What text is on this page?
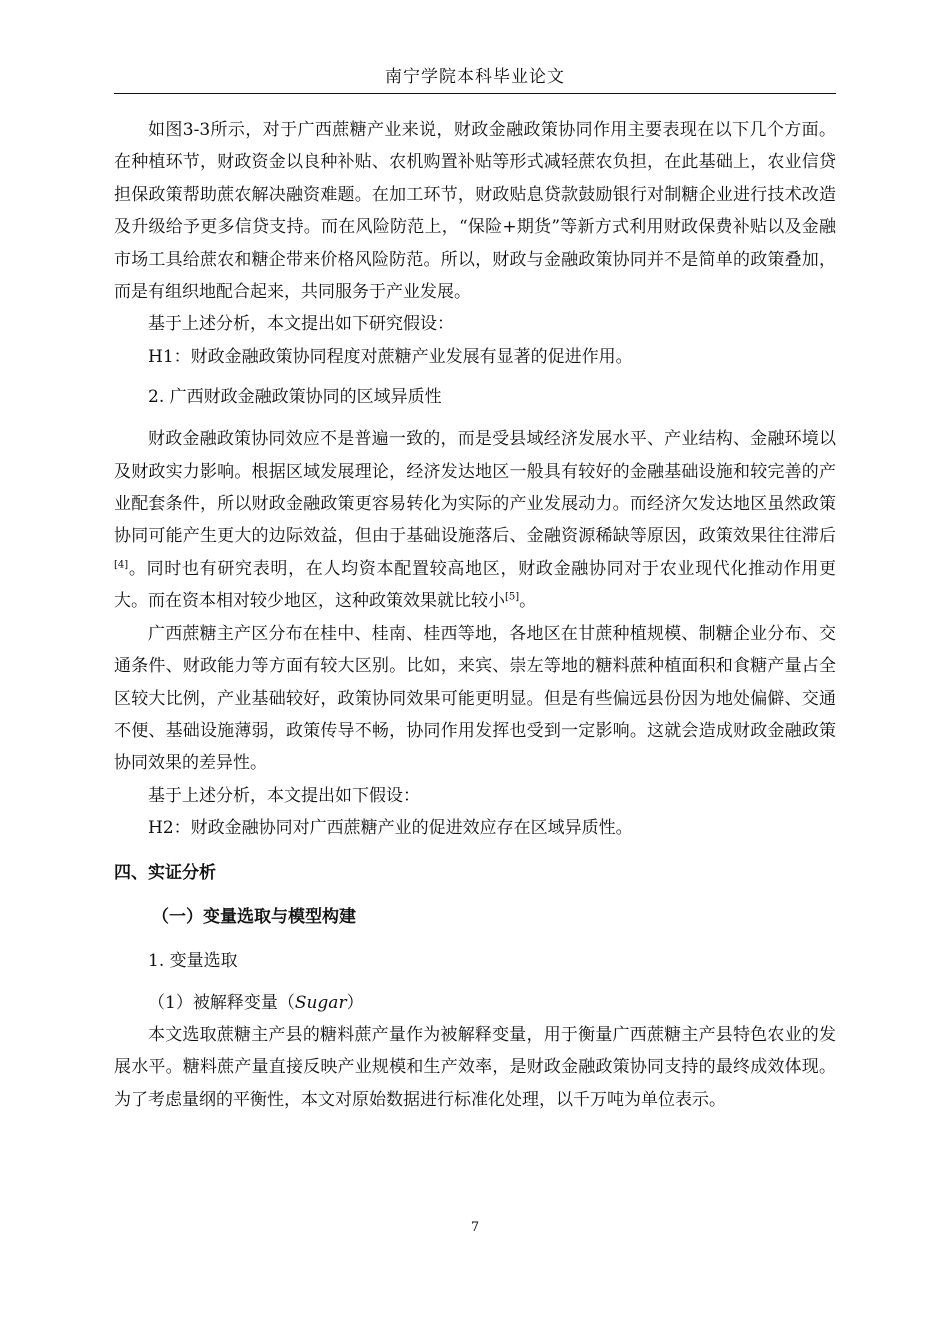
南宁学院本科毕业论文

如图3-3所示，对于广西蔗糖产业来说，财政金融政策协同作用主要表现在以下几个方面。在种植环节，财政资金以良种补贴、农机购置补贴等形式减轻蔗农负担，在此基础上，农业信贷担保政策帮助蔗农解决融资难题。在加工环节，财政贴息贷款鼓励银行对制糖企业进行技术改造及升级给予更多信贷支持。而在风险防范上，“保险+期货”等新方式利用财政保费补贴以及金融市场工具给蔗农和糖企带来价格风险防范。所以，财政与金融政策协同并不是简单的政策叠加，而是有组织地配合起来，共同服务于产业发展。

基于上述分析，本文提出如下研究假设：

H1：财政金融政策协同程度对蔗糖产业发展有显著的促进作用。

2. 广西财政金融政策协同的区域异质性

财政金融政策协同效应不是普遍一致的，而是受县域经济发展水平、产业结构、金融环境以及财政实力影响。根据区域发展理论，经济发达地区一般具有较好的金融基础设施和较完善的产业配套条件，所以财政金融政策更容易转化为实际的产业发展动力。而经济欠发达地区虽然政策协同可能产生更大的边际效益，但由于基础设施落后、金融资源稀缺等原因，政策效果往往滞后[4]。同时也有研究表明，在人均资本配置较高地区，财政金融协同对于农业现代化推动作用更大。而在资本相对较少地区，这种政策效果就比较小[5]。

广西蔗糖主产区分布在桂中、桂南、桂西等地，各地区在甘蔗种植规模、制糖企业分布、交通条件、财政能力等方面有较大区别。比如，来宾、崇左等地的糖料蔗种植面积和食糖产量占全区较大比例，产业基础较好，政策协同效果可能更明显。但是有些偏远县份因为地处偏僻、交通不便、基础设施薄弱，政策传导不畅，协同作用发挥也受到一定影响。这就会造成财政金融政策协同效果的差异性。

基于上述分析，本文提出如下假设：

H2：财政金融协同对广西蔗糖产业的促进效应存在区域异质性。

四、实证分析

（一）变量选取与模型构建

1. 变量选取

（1）被解释变量（Sugar）

本文选取蔗糖主产县的糖料蔗产量作为被解释变量，用于衡量广西蔗糖主产县特色农业的发展水平。糖料蔗产量直接反映产业规模和生产效率，是财政金融政策协同支持的最终成效体现。为了考虑量纲的平衡性，本文对原始数据进行标准化处理，以千万吨为单位表示。

7
